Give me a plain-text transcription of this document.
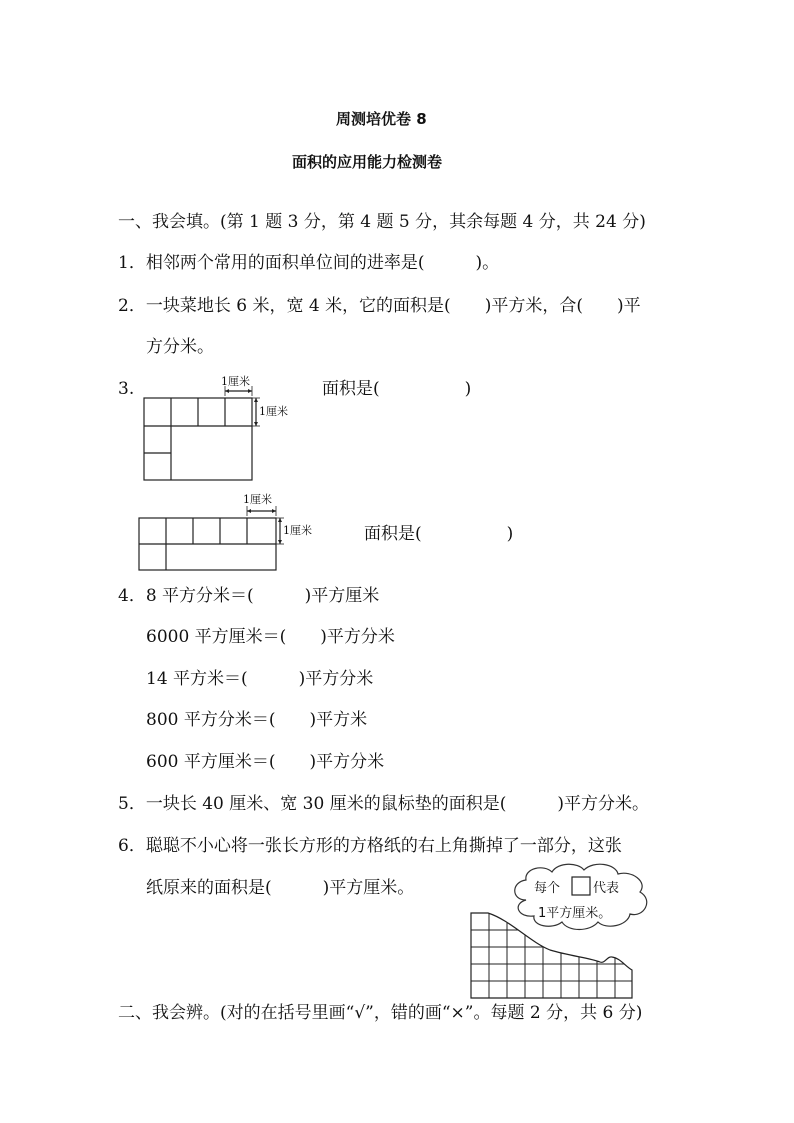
周测培优卷 8
面积的应用能力检测卷
一、我会填。(第 1 题 3 分，第 4 题 5 分，其余每题 4 分，共 24 分)
1．相邻两个常用的面积单位间的进率是(　　　)。
2．一块菜地长 6 米，宽 4 米，它的面积是(　　)平方米，合(　　)平
方分米。
3.	1厘米
1厘米
面积是(　　　　　)
1厘米
1厘米	面积是(　　　　　)
4．8 平方分米＝(　　　)平方厘米
6000 平方厘米＝(　　)平方分米
14 平方米＝(　　　)平方分米
800 平方分米＝(　　)平方米
600 平方厘米＝(　　)平方分米
5．一块长 40 厘米、宽 30 厘米的鼠标垫的面积是(　　　)平方分米。
6．聪聪不小心将一张长方形的方格纸的右上角撕掉了一部分，这张
纸原来的面积是(　　　)平方厘米。	每个	代表
1平方厘米。
二、我会辨。(对的在括号里画“√”，错的画“×”。每题 2 分，共 6 分)
